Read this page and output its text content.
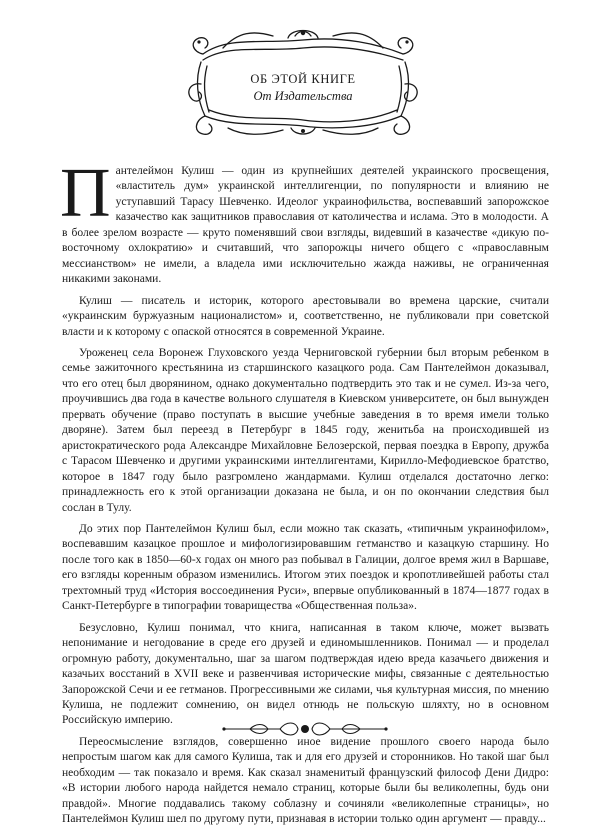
ОБ ЭТОЙ КНИГЕ
От Издательства

Пантелеймон Кулиш — один из крупнейших деятелей украинского просвещения, «властитель дум» украинской интеллигенции, по популярности и влиянию не уступавший Тарасу Шевченко. Идеолог украинофильства, воспевавший запорожское казачество как защитников православия от католичества и ислама. Это в молодости. А в более зрелом возрасте — круто поменявший свои взгляды, видевший в казачестве «дикую по-восточному охлократию» и считавший, что запорожцы ничего общего с «православным мессианством» не имели, а владела ими исключительно жажда наживы, не ограниченная никакими законами.

Кулиш — писатель и историк, которого арестовывали во времена царские, считали «украинским буржуазным националистом» и, соответственно, не публиковали при советской власти и к которому с опаской относятся в современной Украине.

Уроженец села Воронеж Глуховского уезда Черниговской губернии был вторым ребенком в семье зажиточного крестьянина из старшинского казацкого рода. Сам Пантелеймон доказывал, что его отец был дворянином, однако документально подтвердить это так и не сумел. Из-за чего, проучившись два года в качестве вольного слушателя в Киевском университете, он был вынужден прервать обучение (право поступать в высшие учебные заведения в то время имели только дворяне). Затем был переезд в Петербург в 1845 году, женитьба на происходившей из аристократического рода Александре Михайловне Белозерской, первая поездка в Европу, дружба с Тарасом Шевченко и другими украинскими интеллигентами, Кирилло-Мефодиевское братство, которое в 1847 году было разгромлено жандармами. Кулиш отделался достаточно легко: принадлежность его к этой организации доказана не была, и он по окончании следствия был сослан в Тулу.

До этих пор Пантелеймон Кулиш был, если можно так сказать, «типичным украинофилом», воспевавшим казацкое прошлое и мифологизировавшим гетманство и казацкую старшину. Но после того как в 1850—60-х годах он много раз побывал в Галиции, долгое время жил в Варшаве, его взгляды коренным образом изменились. Итогом этих поездок и кропотливейшей работы стал трехтомный труд «История воссоединения Руси», впервые опубликованный в 1874—1877 годах в Санкт-Петербурге в типографии товарищества «Общественная польза».

Безусловно, Кулиш понимал, что книга, написанная в таком ключе, может вызвать непонимание и негодование в среде его друзей и единомышленников. Понимал — и проделал огромную работу, документально, шаг за шагом подтверждая идею вреда казачьего движения и казачьих восстаний в XVII веке и развенчивая исторические мифы, связанные с деятельностью Запорожской Сечи и ее гетманов. Прогрессивными же силами, чья культурная миссия, по мнению Кулиша, не подлежит сомнению, он видел отнюдь не польскую шляхту, но в основном Российскую империю.

Переосмысление взглядов, совершенно иное видение прошлого своего народа было непростым шагом как для самого Кулиша, так и для его друзей и сторонников. Но такой шаг был необходим — так показало и время. Как сказал знаменитый французский философ Дени Дидро: «В истории любого народа найдется немало страниц, которые были бы великолепны, будь они правдой». Многие поддавались такому соблазну и сочиняли «великолепные страницы», но Пантелеймон Кулиш шел по другому пути, признавая в истории только один аргумент — правду...
